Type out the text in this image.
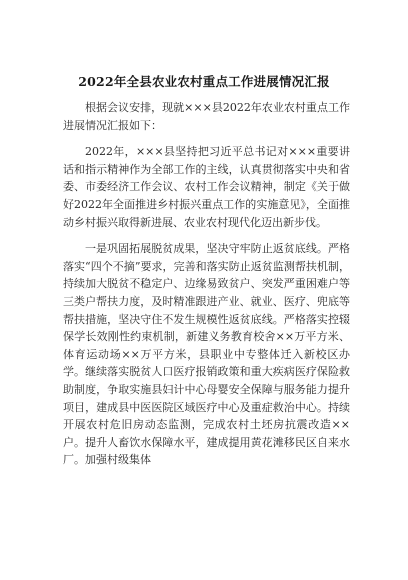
2022年全县农业农村重点工作进展情况汇报

根据会议安排，现就×××县2022年农业农村重点工作进展情况汇报如下：

2022年，×××县坚持把习近平总书记对×××重要讲话和指示精神作为全部工作的主线，认真贯彻落实中央和省委、市委经济工作会议、农村工作会议精神，制定《关于做好2022年全面推进乡村振兴重点工作的实施意见》，全面推动乡村振兴取得新进展、农业农村现代化迈出新步伐。

一是巩固拓展脱贫成果，坚决守牢防止返贫底线。严格落实“四个不摘”要求，完善和落实防止返贫监测帮扶机制，持续加大脱贫不稳定户、边缘易致贫户、突发严重困难户等三类户帮扶力度，及时精准跟进产业、就业、医疗、兜底等帮扶措施，坚决守住不发生规模性返贫底线。严格落实控辍保学长效刚性约束机制，新建义务教育校舍××万平方米、体育运动场××万平方米，县职业中专整体迁入新校区办学。继续落实脱贫人口医疗报销政策和重大疾病医疗保险救助制度，争取实施县妇计中心母婴安全保障与服务能力提升项目，建成县中医医院区域医疗中心及重症救治中心。持续开展农村危旧房动态监测，完成农村土坯房抗震改造××户。提升人畜饮水保障水平，建成提用黄花滩移民区自来水厂。加强村级集体
